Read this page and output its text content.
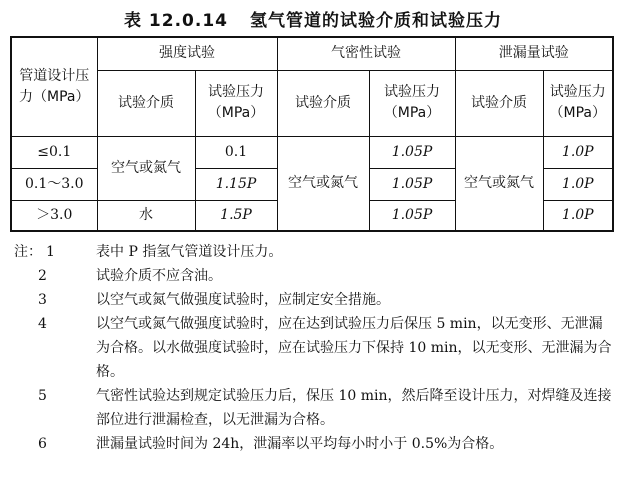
表 12.0.14 氢气管道的试验介质和试验压力
管道设计压力（MPa）	强度试验		气密性试验		泄漏量试验	
	试验介质	试验压力（MPa）	试验介质	试验压力（MPa）	试验介质	试验压力（MPa）
≤0.1	空气或氮气	0.1	空气或氮气	1.05P	空气或氮气	1.0P
0.1～3.0		1.15P		1.05P		1.0P
＞3.0	水	1.5P		1.05P		1.0P
注： 1	表中 P 指氢气管道设计压力。
2	试验介质不应含油。
3	以空气或氮气做强度试验时，应制定安全措施。
4	以空气或氮气做强度试验时，应在达到试验压力后保压 5 min，以无变形、无泄漏为合格。以水做强度试验时，应在试验压力下保持 10 min，以无变形、无泄漏为合格。
5	气密性试验达到规定试验压力后，保压 10 min，然后降至设计压力，对焊缝及连接部位进行泄漏检查，以无泄漏为合格。
6	泄漏量试验时间为 24h，泄漏率以平均每小时小于 0.5%为合格。
